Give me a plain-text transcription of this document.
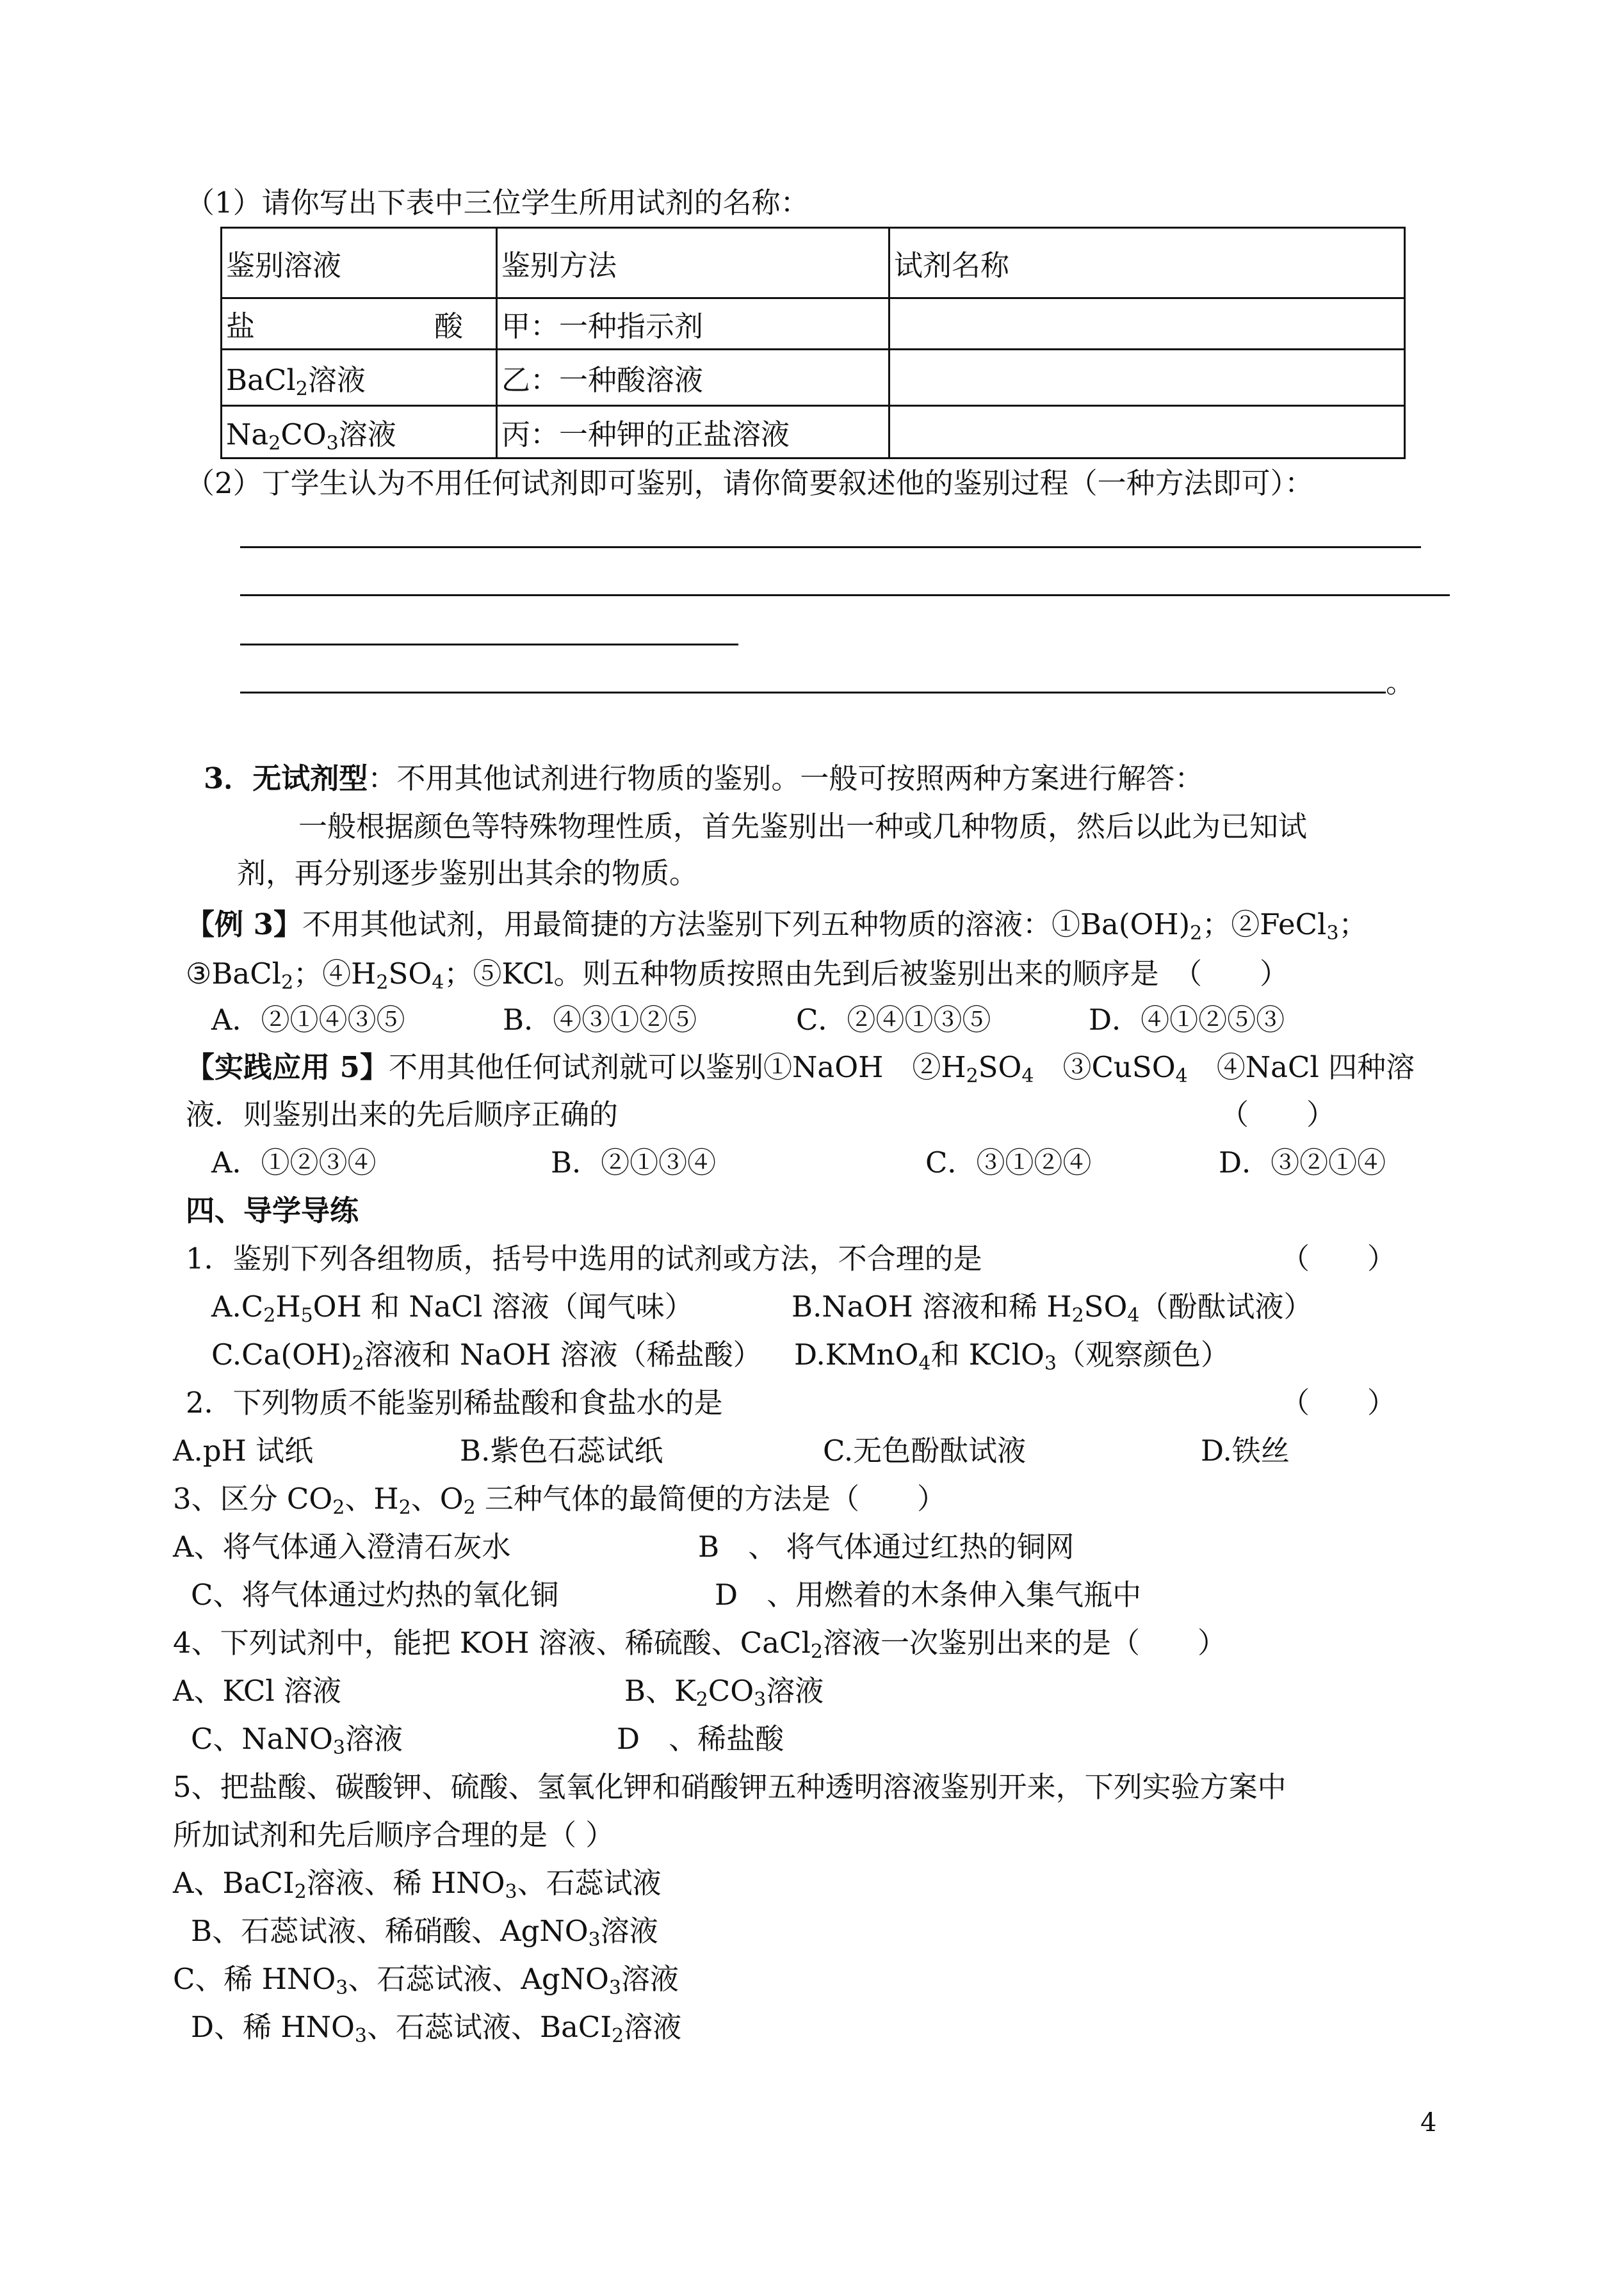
（1）请你写出下表中三位学生所用试剂的名称：
鉴别溶液	鉴别方法	试剂名称
盐酸	甲：一种指示剂	
BaCl$_2$溶液	乙：一种酸溶液	
$Na_2CO_3$溶液	丙：一种钾的正盐溶液	
（2）丁学生认为不用任何试剂即可鉴别，请你简要叙述他的鉴别过程（一种方法即可）：
。
3．无试剂型：不用其他试剂进行物质的鉴别。一般可按照两种方案进行解答：
一般根据颜色等特殊物理性质，首先鉴别出一种或几种物质，然后以此为已知试
剂，再分别逐步鉴别出其余的物质。
【例 3】不用其他试剂，用最简捷的方法鉴别下列五种物质的溶液：$①Ba(OH)_2$；②FeCl$_3$；
③BaCl$_2$；$④H_2SO_4$；⑤KCl。则五种物质按照由先到后被鉴别出来的顺序是　（　　）
A．②①④③⑤	B．④③①②⑤	C．②④①③⑤	D．④①②⑤③
【实践应用 5】不用其他任何试剂就可以鉴别①NaOH　$②H_2SO_4$　③CuSO$_4$　④NaCl 四种溶
液．则鉴别出来的先后顺序正确的	（　　）
A．①②③④	B．②①③④	C．③①②④	D．③②①④
四、导学导练
1．鉴别下列各组物质，括号中选用的试剂或方法，不合理的是	（　　）
$A.C_2H_5OH$ 和 NaCl 溶液（闻气味）	B.NaOH 溶液和稀 $H_2SO_4$（酚酞试液）
$C.Ca(OH)_2$溶液和 NaOH 溶液（稀盐酸） D.KMnO$_4$和 KClO$_3$（观察颜色）
2．下列物质不能鉴别稀盐酸和食盐水的是	（　　）
A.pH 试纸	B.紫色石蕊试纸	C.无色酚酞试液	D.铁丝
3、区分 $CO_2$、$H_2$、$O_2$ 三种气体的最简便的方法是（　　）
A、将气体通入澄清石灰水	B　、 将气体通过红热的铜网
C、将气体通过灼热的氧化铜	D　、用燃着的木条伸入集气瓶中
4、下列试剂中，能把 KOH 溶液、稀硫酸、CaCl$_2$溶液一次鉴别出来的是（　　）
A、KCl 溶液	B、$K_2CO_3$溶液
C、NaNO$_3$溶液	D　、稀盐酸
5、把盐酸、碳酸钾、硫酸、氢氧化钾和硝酸钾五种透明溶液鉴别开来，下列实验方案中
所加试剂和先后顺序合理的是（ ）
A、BaCI$_2$溶液、稀 $HNO_3$、石蕊试液
B、石蕊试液、稀硝酸、AgNO$_3$溶液
C、稀 $HNO_3$、石蕊试液、AgNO$_3$溶液
D、稀 $HNO_3$、石蕊试液、BaCI$_2$溶液
4
